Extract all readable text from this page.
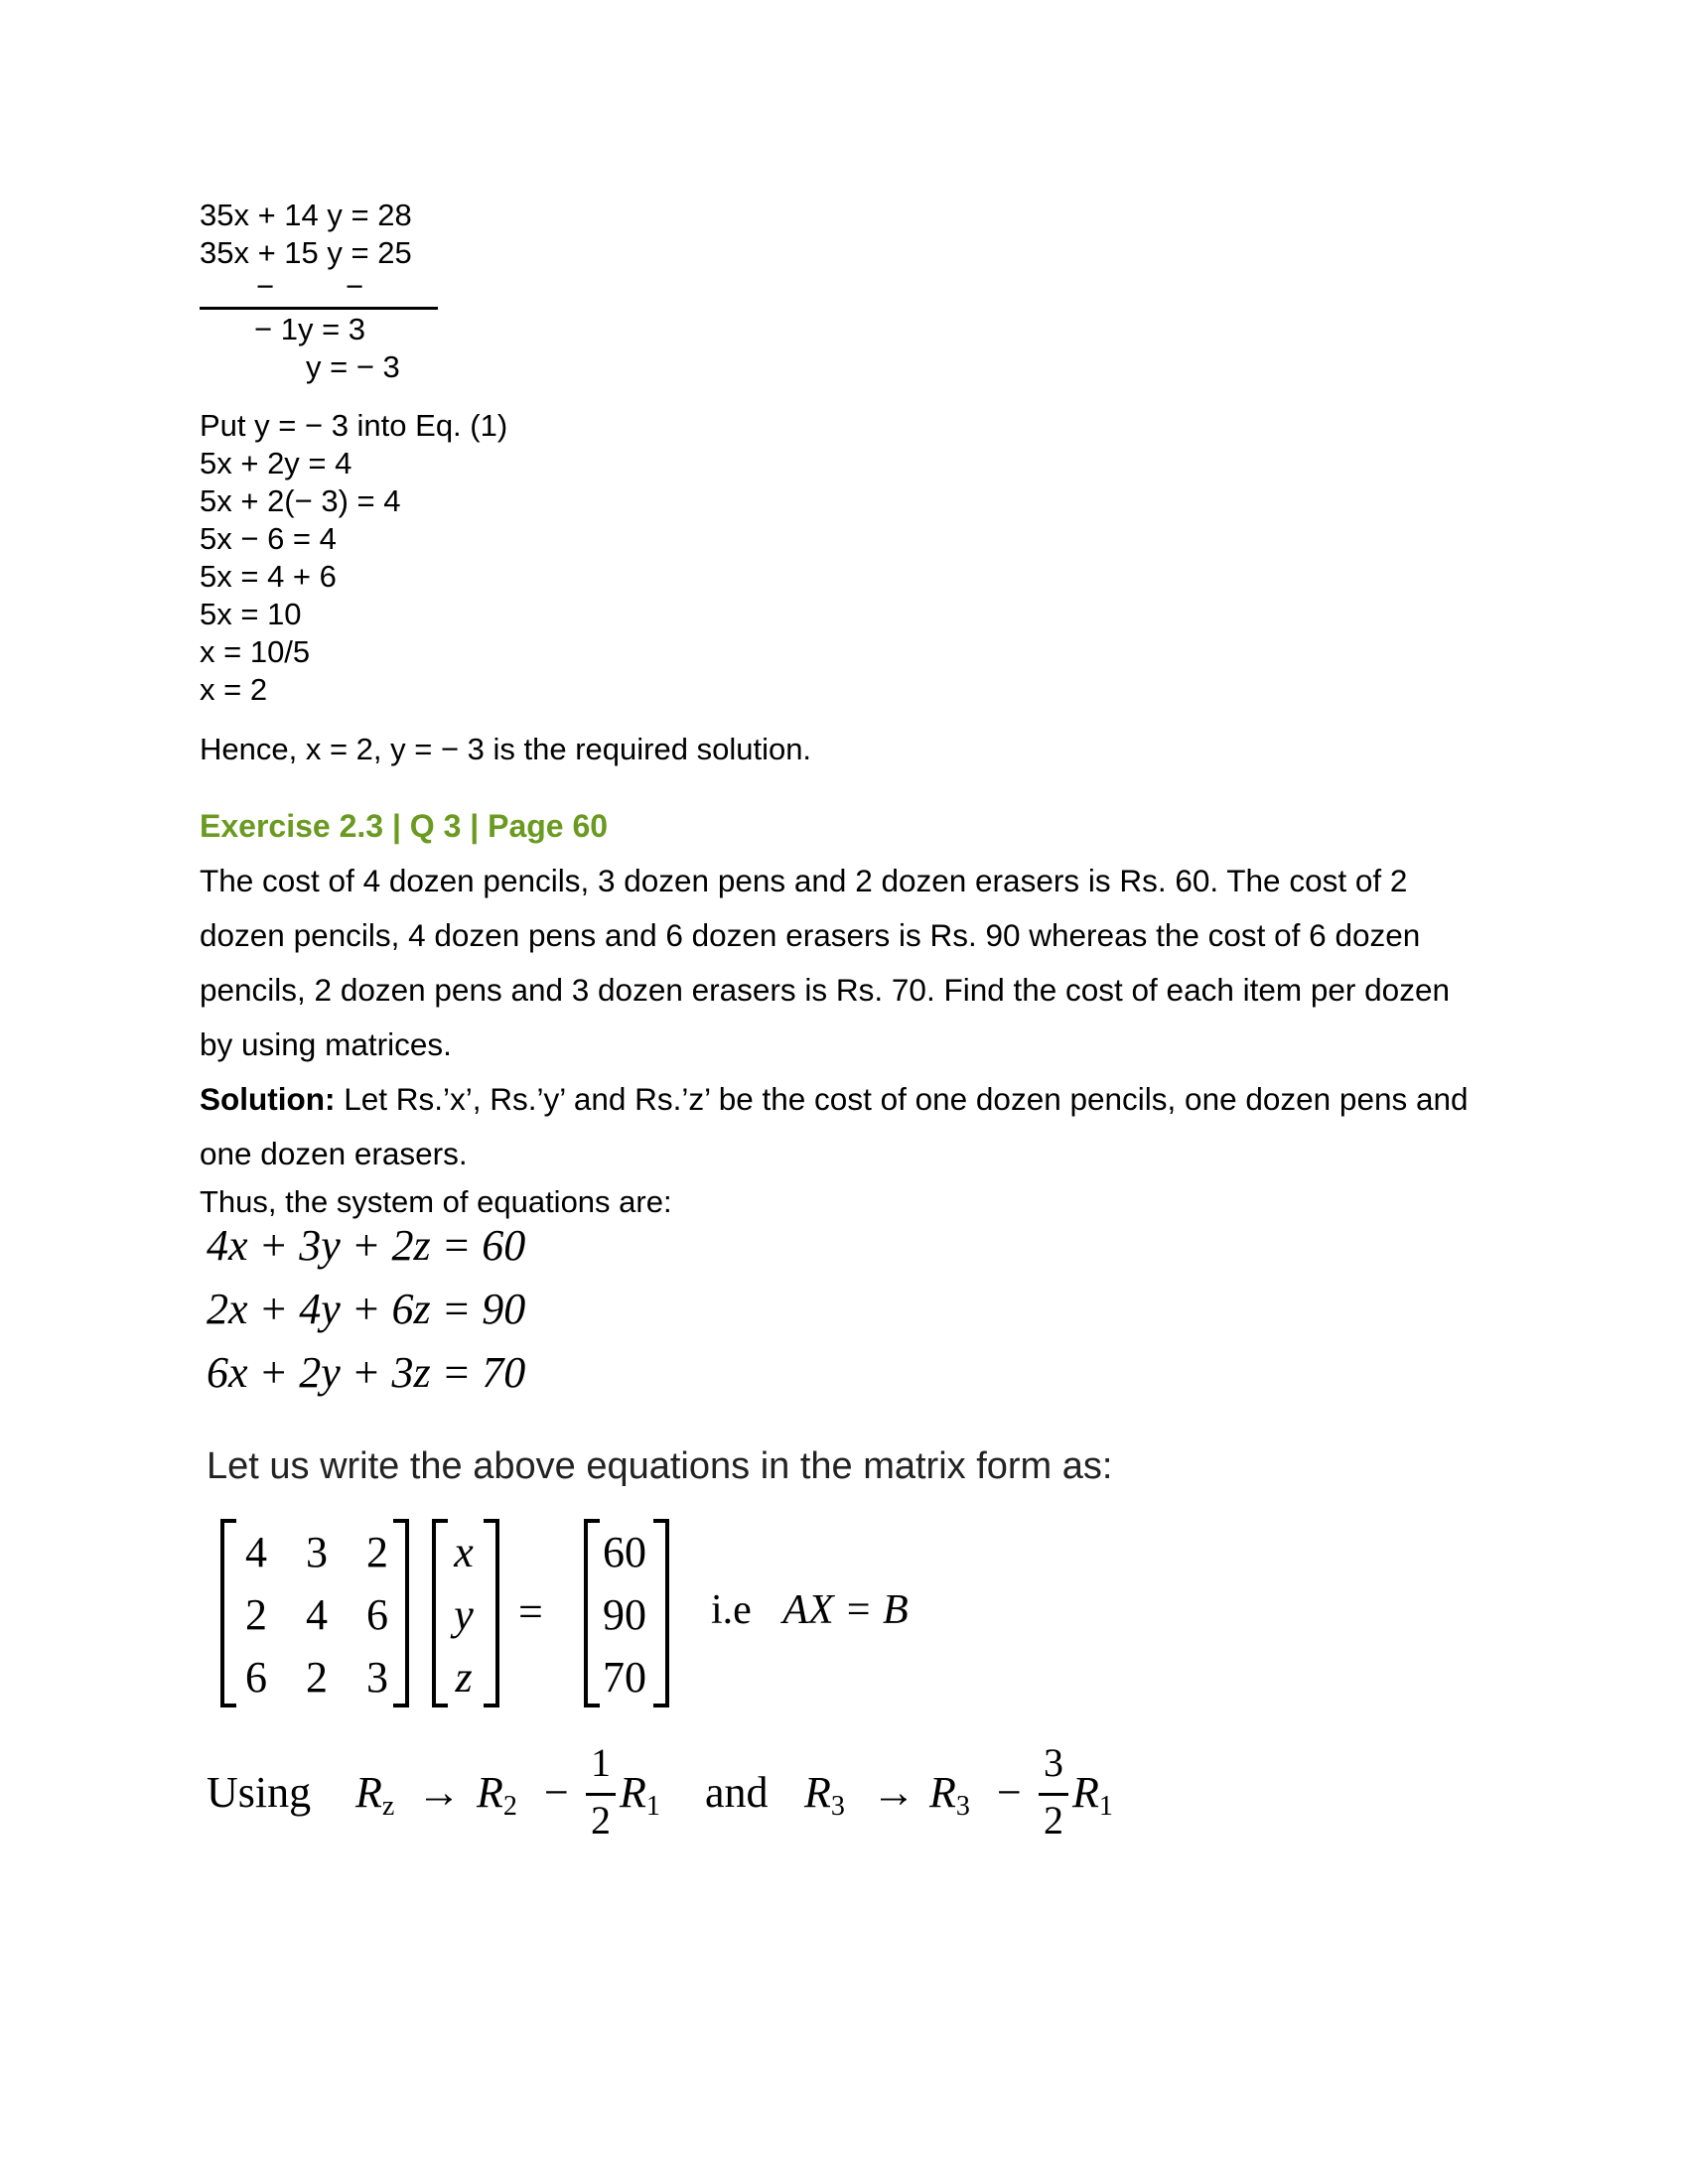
35x + 14 y = 28
35x + 15 y = 25
− −
− 1y = 3
y = − 3
Put y = − 3 into Eq. (1)
5x + 2y = 4
5x + 2(− 3) = 4
5x − 6 = 4
5x = 4 + 6
5x = 10
x = 10/5
x = 2
Hence, x = 2, y = − 3 is the required solution.
Exercise 2.3 | Q 3 | Page 60
The cost of 4 dozen pencils, 3 dozen pens and 2 dozen erasers is Rs. 60. The cost of 2 dozen pencils, 4 dozen pens and 6 dozen erasers is Rs. 90 whereas the cost of 6 dozen pencils, 2 dozen pens and 3 dozen erasers is Rs. 70. Find the cost of each item per dozen by using matrices.
Solution: Let Rs.’x’, Rs.’y’ and Rs.’z’ be the cost of one dozen pencils, one dozen pens and one dozen erasers.
Thus, the system of equations are:
4x + 3y + 2z = 60
2x + 4y + 6z = 90
6x + 2y + 3z = 70
Let us write the above equations in the matrix form as:
4 3 2
2 4 6
6 2 3
x
y
z
=
60
90
70
i.e AX = B
Using $R_z \to R_2$ −
1
2
$R_1$ and $R_3 \to R_3$ −
3
2
$R_1$
